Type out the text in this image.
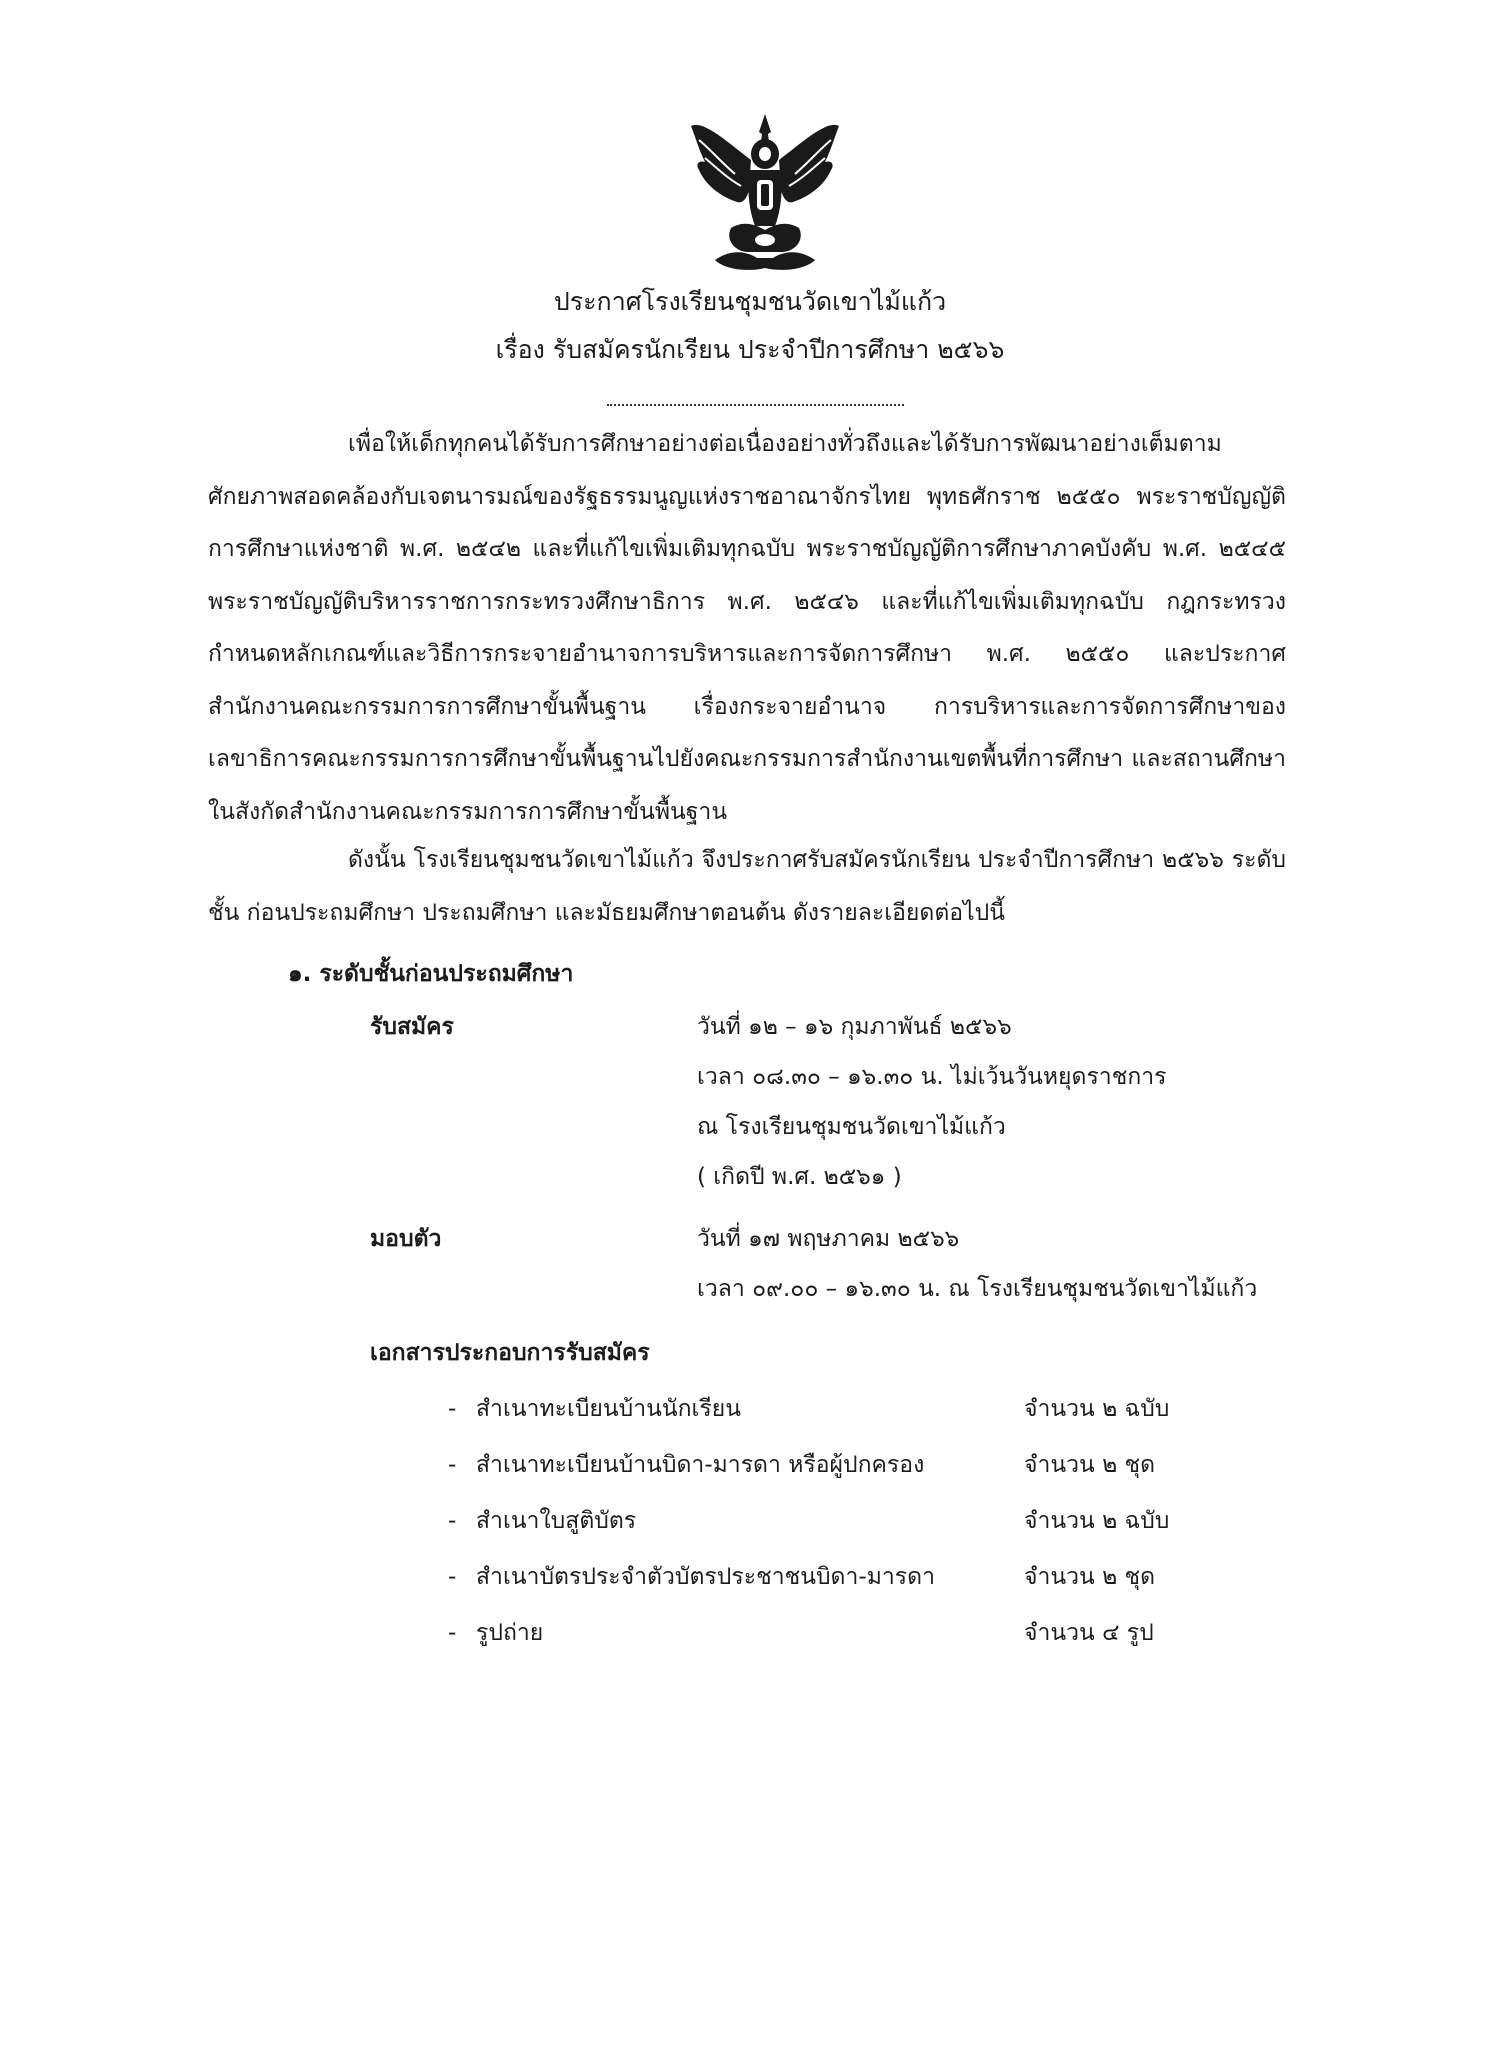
ประกาศโรงเรียนชุมชนวัดเขาไม้แก้ว
เรื่อง รับสมัครนักเรียน ประจำปีการศึกษา ๒๕๖๖
เพื่อให้เด็กทุกคนได้รับการศึกษาอย่างต่อเนื่องอย่างทั่วถึงและได้รับการพัฒนาอย่างเต็มตามศักยภาพสอดคล้องกับเจตนารมณ์ของรัฐธรรมนูญแห่งราชอาณาจักรไทย พุทธศักราช ๒๕๕๐ พระราชบัญญัติการศึกษาแห่งชาติ พ.ศ. ๒๕๔๒ และที่แก้ไขเพิ่มเติมทุกฉบับ พระราชบัญญัติการศึกษาภาคบังคับ พ.ศ. ๒๕๔๕ พระราชบัญญัติบริหารราชการกระทรวงศึกษาธิการ พ.ศ. ๒๕๔๖ และที่แก้ไขเพิ่มเติมทุกฉบับ กฎกระทรวงกำหนดหลักเกณฑ์และวิธีการกระจายอำนาจการบริหารและการจัดการศึกษา พ.ศ. ๒๕๕๐ และประกาศสำนักงานคณะกรรมการการศึกษาขั้นพื้นฐาน เรื่องกระจายอำนาจ การบริหารและการจัดการศึกษาของเลขาธิการคณะกรรมการการศึกษาขั้นพื้นฐานไปยังคณะกรรมการสำนักงานเขตพื้นที่การศึกษา และสถานศึกษาในสังกัดสำนักงานคณะกรรมการการศึกษาขั้นพื้นฐาน
ดังนั้น โรงเรียนชุมชนวัดเขาไม้แก้ว จึงประกาศรับสมัครนักเรียน ประจำปีการศึกษา ๒๕๖๖ ระดับชั้น ก่อนประถมศึกษา ประถมศึกษา และมัธยมศึกษาตอนต้น ดังรายละเอียดต่อไปนี้
๑. ระดับชั้นก่อนประถมศึกษา
รับสมัคร	วันที่ ๑๒ – ๑๖ กุมภาพันธ์ ๒๕๖๖
เวลา ๐๘.๓๐ – ๑๖.๓๐ น. ไม่เว้นวันหยุดราชการ
ณ โรงเรียนชุมชนวัดเขาไม้แก้ว
( เกิดปี พ.ศ. ๒๕๖๑ )
มอบตัว	วันที่ ๑๗ พฤษภาคม ๒๕๖๖
เวลา ๐๙.๐๐ – ๑๖.๓๐ น. ณ โรงเรียนชุมชนวัดเขาไม้แก้ว
เอกสารประกอบการรับสมัคร
- สำเนาทะเบียนบ้านนักเรียน	จำนวน ๒ ฉบับ
- สำเนาทะเบียนบ้านบิดา-มารดา หรือผู้ปกครอง	จำนวน ๒ ชุด
- สำเนาใบสูติบัตร	จำนวน ๒ ฉบับ
- สำเนาบัตรประจำตัวบัตรประชาชนบิดา-มารดา	จำนวน ๒ ชุด
- รูปถ่าย	จำนวน ๔ รูป
